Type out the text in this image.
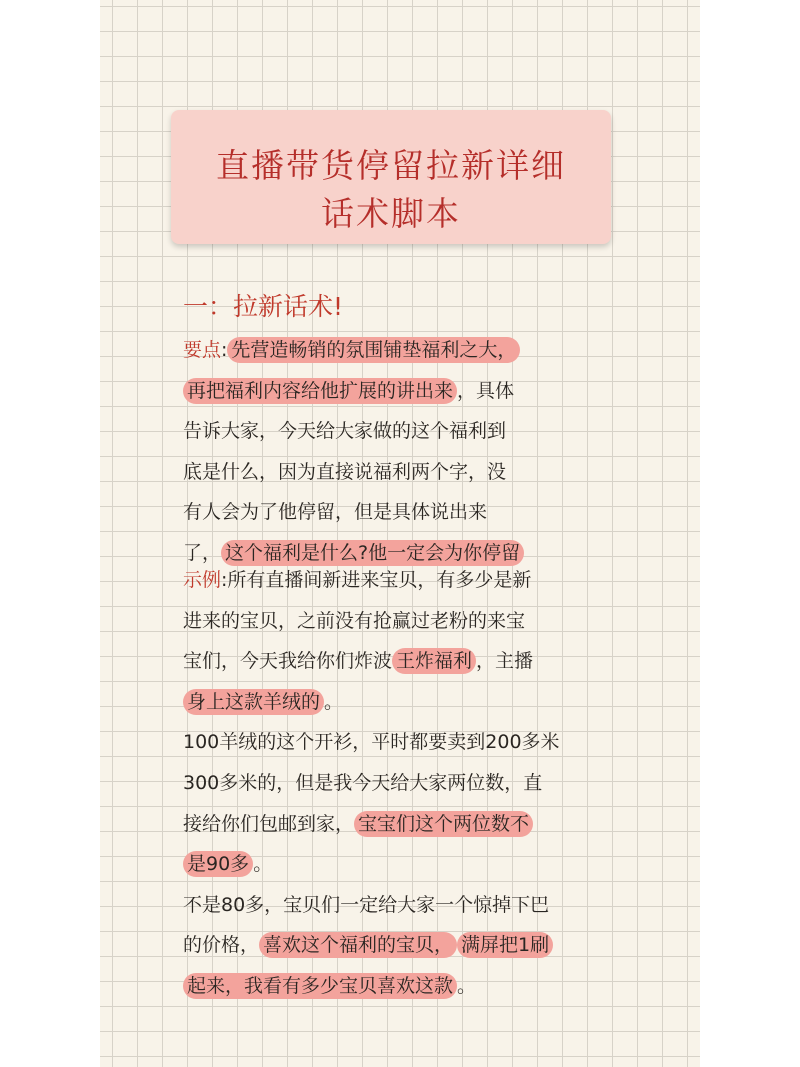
直播带货停留拉新详细
话术脚本
一：拉新话术!
要点: 先营造畅销的氛围铺垫福利之大，
再把福利内容给他扩展的讲出来 ，具体
告诉大家，今天给大家做的这个福利到
底是什么，因为直接说福利两个字，没
有人会为了他停留，但是具体说出来
了， 这个福利是什么?他一定会为你停留
示例:所有直播间新进来宝贝，有多少是新
进来的宝贝，之前没有抢赢过老粉的来宝
宝们，今天我给你们炸波 王炸福利 ，主播
身上这款羊绒的 。
100羊绒的这个开衫，平时都要卖到200多米
300多米的，但是我今天给大家两位数，直
接给你们包邮到家， 宝宝们这个两位数不
是90多 。
不是80多，宝贝们一定给大家一个惊掉下巴
的价格， 喜欢这个福利的宝贝， 满屏把1刷
起来，我看有多少宝贝喜欢这款 。
